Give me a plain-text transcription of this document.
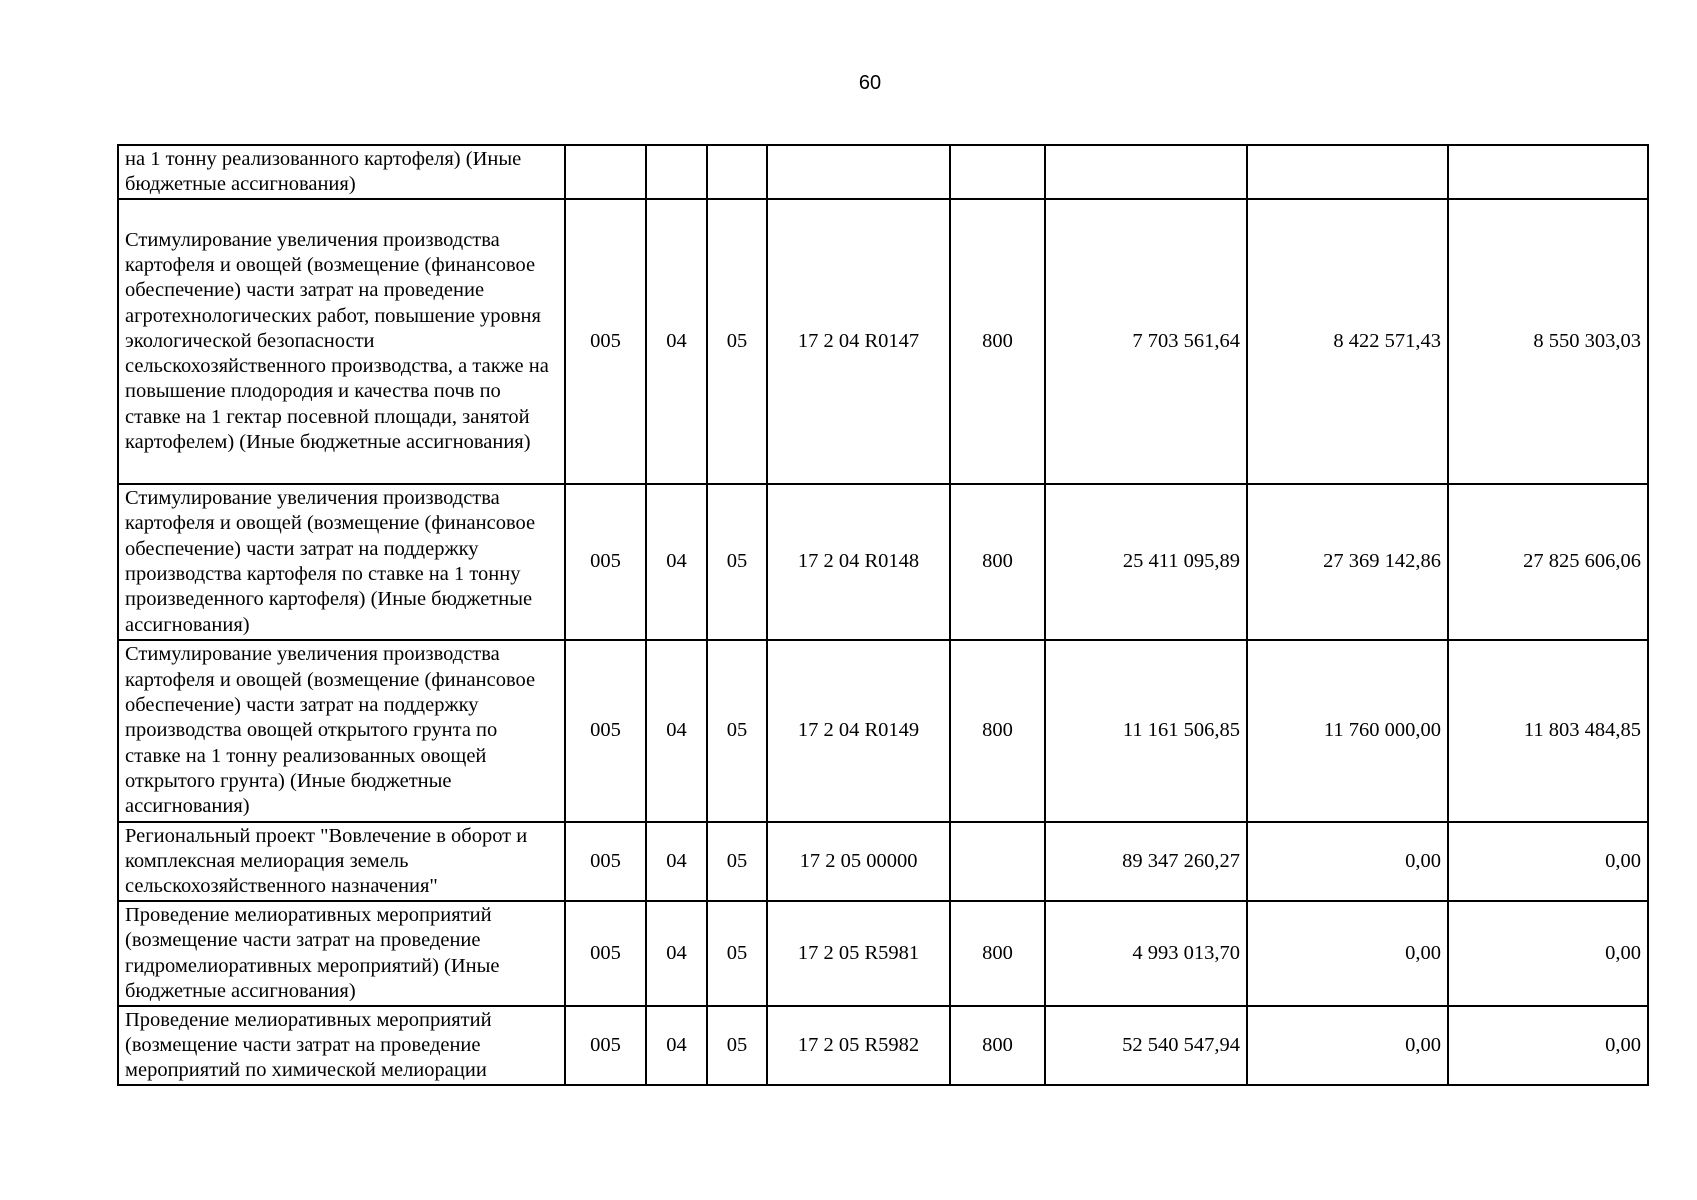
60
на 1 тонну реализованного картофеля) (Иные бюджетные ассигнования)								
Стимулирование увеличения производства картофеля и овощей (возмещение (финансовое обеспечение) части затрат на проведение агротехнологических работ, повышение уровня экологической безопасности сельскохозяйственного производства, а также на повышение плодородия и качества почв по ставке на 1 гектар посевной площади, занятой картофелем) (Иные бюджетные ассигнования)	005	04	05	17 2 04 R0147	800	7 703 561,64	8 422 571,43	8 550 303,03
Стимулирование увеличения производства картофеля и овощей (возмещение (финансовое обеспечение) части затрат на поддержку производства картофеля по ставке на 1 тонну произведенного картофеля) (Иные бюджетные ассигнования)	005	04	05	17 2 04 R0148	800	25 411 095,89	27 369 142,86	27 825 606,06
Стимулирование увеличения производства картофеля и овощей (возмещение (финансовое обеспечение) части затрат на поддержку производства овощей открытого грунта по ставке на 1 тонну реализованных овощей открытого грунта) (Иные бюджетные ассигнования)	005	04	05	17 2 04 R0149	800	11 161 506,85	11 760 000,00	11 803 484,85
Региональный проект "Вовлечение в оборот и комплексная мелиорация земель сельскохозяйственного назначения"	005	04	05	17 2 05 00000		89 347 260,27	0,00	0,00
Проведение мелиоративных мероприятий (возмещение части затрат на проведение гидромелиоративных мероприятий) (Иные бюджетные ассигнования)	005	04	05	17 2 05 R5981	800	4 993 013,70	0,00	0,00
Проведение мелиоративных мероприятий (возмещение части затрат на проведение мероприятий по химической мелиорации	005	04	05	17 2 05 R5982	800	52 540 547,94	0,00	0,00
